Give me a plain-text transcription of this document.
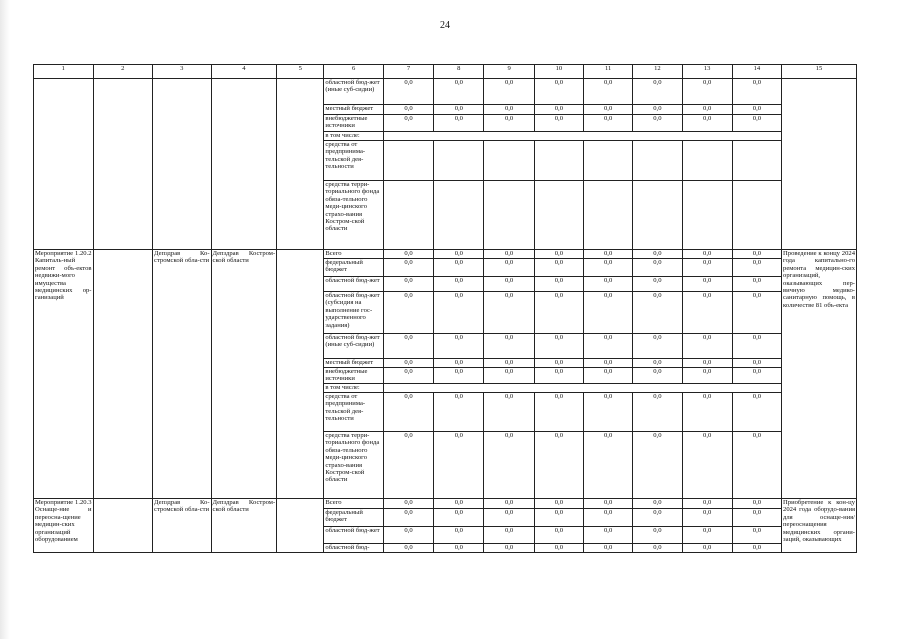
24
1	2	3	4	5	6	7	8	9	10	11	12	13	14	15
					областной бюд-жет (иные суб-сидии)	0,0	0,0	0,0	0,0	0,0	0,0	0,0	0,0	
					местный бюджет	0,0	0,0	0,0	0,0	0,0	0,0	0,0	0,0	
					внебюджетные источники	0,0	0,0	0,0	0,0	0,0	0,0	0,0	0,0	
					в том числе:									
					средства от предпринима-тельской дея-тельности									
					средства терри-ториального фонда обяза-тельного меди-цинского страхо-вания Костром-ской области									
Мероприятие 1.20.2 Капиталь-ный ремонт объ-ектов недвижи-мого имущества медицинских ор-ганизаций		Депздрав Ко-стромской обла-сти	Депздрав Костром-ской области		Всего	0,0	0,0	0,0	0,0	0,0	0,0	0,0	0,0	Проведение к концу 2024 года капитально-го ремонта медицин-ских организаций, оказывающих пер-вичную медико-санитарную помощь, в количестве 81 объ-екта
					федеральный бюджет	0,0	0,0	0,0	0,0	0,0	0,0	0,0	0,0	
					областной бюд-жет	0,0	0,0	0,0	0,0	0,0	0,0	0,0	0,0	
					областной бюд-жет (субсидия на выполнение гос-ударственного задания)	0,0	0,0	0,0	0,0	0,0	0,0	0,0	0,0	
					областной бюд-жет (иные суб-сидии)	0,0	0,0	0,0	0,0	0,0	0,0	0,0	0,0	
					местный бюджет	0,0	0,0	0,0	0,0	0,0	0,0	0,0	0,0	
					внебюджетные источники	0,0	0,0	0,0	0,0	0,0	0,0	0,0	0,0	
					в том числе:									
					средства от предпринима-тельской дея-тельности	0,0	0,0	0,0	0,0	0,0	0,0	0,0	0,0	
					средства терри-ториального фонда обяза-тельного меди-цинского страхо-вания Костром-ской области	0,0	0,0	0,0	0,0	0,0	0,0	0,0	0,0	
Мероприятие 1.20.3 Оснаще-ние и переосна-щение медицин-ских организаций оборудованием		Депздрав Ко-стромской обла-сти	Депздрав Костром-ской области		Всего	0,0	0,0	0,0	0,0	0,0	0,0	0,0	0,0	Приобретение к кон-цу 2024 года оборудо-вания для оснаще-ния/переоснащения медицинских органи-заций, оказывающих
					федеральный бюджет	0,0	0,0	0,0	0,0	0,0	0,0	0,0	0,0	
					областной бюд-жет	0,0	0,0	0,0	0,0	0,0	0,0	0,0	0,0	
					областной бюд-	0,0	0,0	0,0	0,0	0,0	0,0	0,0	0,0	
